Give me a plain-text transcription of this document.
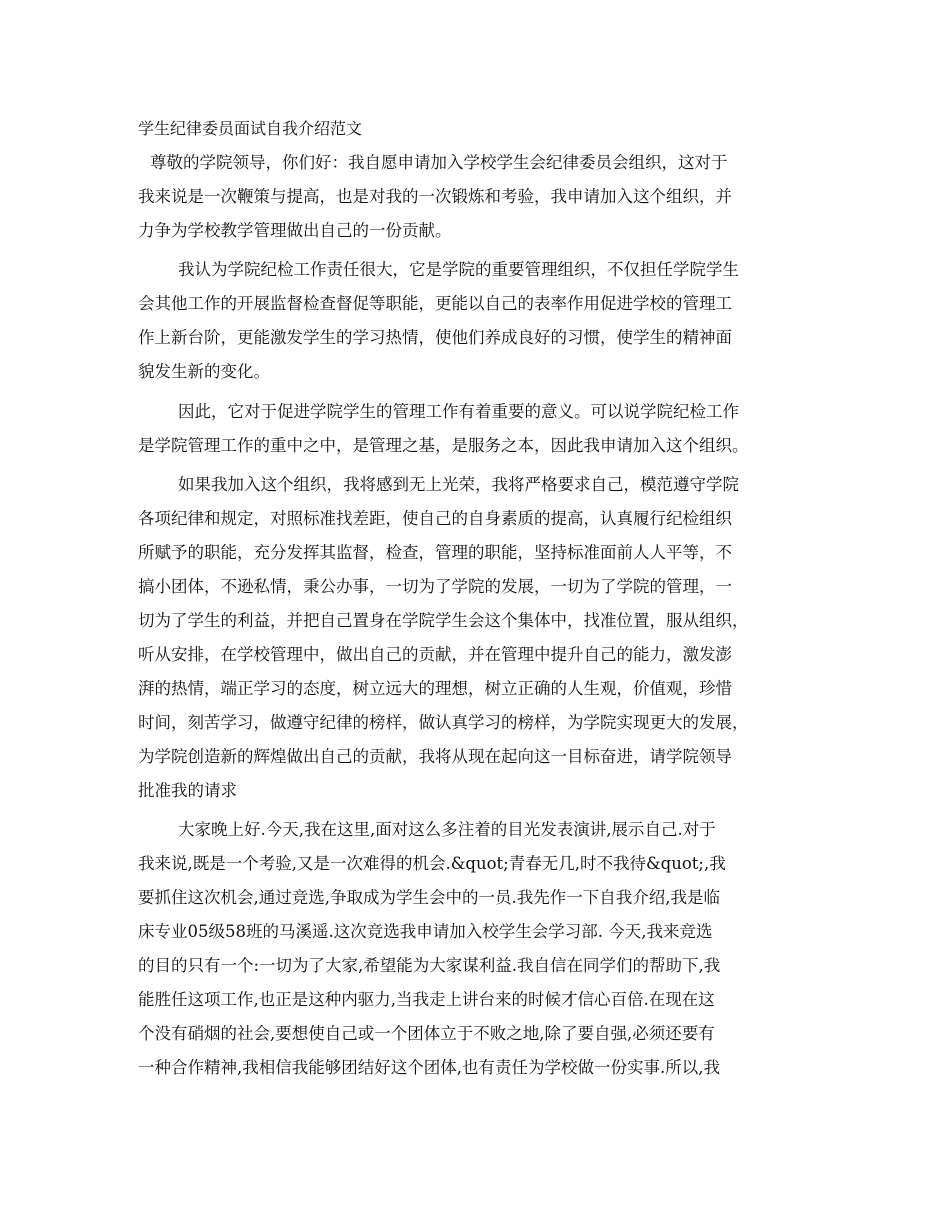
学生纪律委员面试自我介绍范文
尊敬的学院领导，你们好：我自愿申请加入学校学生会纪律委员会组织，这对于
我来说是一次鞭策与提高，也是对我的一次锻炼和考验，我申请加入这个组织，并
力争为学校教学管理做出自己的一份贡献。
我认为学院纪检工作责任很大，它是学院的重要管理组织，不仅担任学院学生
会其他工作的开展监督检查督促等职能，更能以自己的表率作用促进学校的管理工
作上新台阶，更能激发学生的学习热情，使他们养成良好的习惯，使学生的精神面
貌发生新的变化。
因此，它对于促进学院学生的管理工作有着重要的意义。可以说学院纪检工作
是学院管理工作的重中之中，是管理之基，是服务之本，因此我申请加入这个组织。
如果我加入这个组织，我将感到无上光荣，我将严格要求自己，模范遵守学院
各项纪律和规定，对照标准找差距，使自己的自身素质的提高，认真履行纪检组织
所赋予的职能，充分发挥其监督，检查，管理的职能，坚持标准面前人人平等，不
搞小团体，不逊私情，秉公办事，一切为了学院的发展，一切为了学院的管理，一
切为了学生的利益，并把自己置身在学院学生会这个集体中，找准位置，服从组织，
听从安排，在学校管理中，做出自己的贡献，并在管理中提升自己的能力，激发澎
湃的热情，端正学习的态度，树立远大的理想，树立正确的人生观，价值观，珍惜
时间，刻苦学习，做遵守纪律的榜样，做认真学习的榜样，为学院实现更大的发展，
为学院创造新的辉煌做出自己的贡献，我将从现在起向这一目标奋进，请学院领导
批准我的请求
大家晚上好.今天,我在这里,面对这么多注着的目光发表演讲,展示自己.对于
我来说,既是一个考验,又是一次难得的机会.&quot;青春无几,时不我待&quot;,我
要抓住这次机会,通过竞选,争取成为学生会中的一员.我先作一下自我介绍,我是临
床专业05级58班的马溪遥.这次竞选我申请加入校学生会学习部. 今天,我来竞选
的目的只有一个:一切为了大家,希望能为大家谋利益.我自信在同学们的帮助下,我
能胜任这项工作,也正是这种内驱力,当我走上讲台来的时候才信心百倍.在现在这
个没有硝烟的社会,要想使自己或一个团体立于不败之地,除了要自强,必须还要有
一种合作精神,我相信我能够团结好这个团体,也有责任为学校做一份实事.所以,我
